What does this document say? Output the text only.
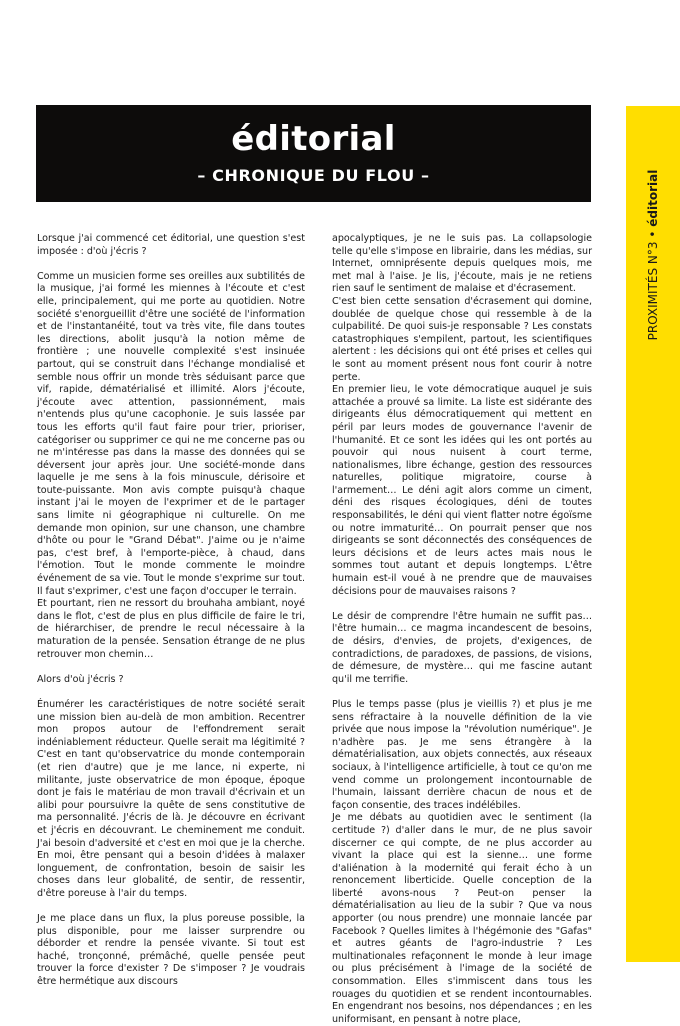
éditorial
– CHRONIQUE DU FLOU –
PROXIMITÉS N°3 • éditorial

Lorsque j'ai commencé cet éditorial, une question s'est imposée : d'où j'écris ?

Comme un musicien forme ses oreilles aux subtilités de la musique, j'ai formé les miennes à l'écoute et c'est elle, principalement, qui me porte au quotidien. Notre société s'enorgueillit d'être une société de l'information et de l'instantanéité, tout va très vite, file dans toutes les directions, abolit jusqu'à la notion même de frontière ; une nouvelle complexité s'est insinuée partout, qui se construit dans l'échange mondialisé et semble nous offrir un monde très séduisant parce que vif, rapide, dématérialisé et illimité. Alors j'écoute, j'écoute avec attention, passionnément, mais n'entends plus qu'une cacophonie. Je suis lassée par tous les efforts qu'il faut faire pour trier, prioriser, catégoriser ou supprimer ce qui ne me concerne pas ou ne m'intéresse pas dans la masse des données qui se déversent jour après jour. Une société-monde dans laquelle je me sens à la fois minuscule, dérisoire et toute-puissante. Mon avis compte puisqu'à chaque instant j'ai le moyen de l'exprimer et de le partager sans limite ni géographique ni culturelle. On me demande mon opinion, sur une chanson, une chambre d'hôte ou pour le "Grand Débat". J'aime ou je n'aime pas, c'est bref, à l'emporte-pièce, à chaud, dans l'émotion. Tout le monde commente le moindre événement de sa vie. Tout le monde s'exprime sur tout. Il faut s'exprimer, c'est une façon d'occuper le terrain.

Et pourtant, rien ne ressort du brouhaha ambiant, noyé dans le flot, c'est de plus en plus difficile de faire le tri, de hiérarchiser, de prendre le recul nécessaire à la maturation de la pensée. Sensation étrange de ne plus retrouver mon chemin…

Alors d'où j'écris ?

Énumérer les caractéristiques de notre société serait une mission bien au-delà de mon ambition. Recentrer mon propos autour de l'effondrement serait indéniablement réducteur. Quelle serait ma légitimité ? C'est en tant qu'observatrice du monde contemporain (et rien d'autre) que je me lance, ni experte, ni militante, juste observatrice de mon époque, époque dont je fais le matériau de mon travail d'écrivain et un alibi pour poursuivre la quête de sens constitutive de ma personnalité. J'écris de là. Je découvre en écrivant et j'écris en découvrant. Le cheminement me conduit. J'ai besoin d'adversité et c'est en moi que je la cherche. En moi, être pensant qui a besoin d'idées à malaxer longuement, de confrontation, besoin de saisir les choses dans leur globalité, de sentir, de ressentir, d'être poreuse à l'air du temps.

Je me place dans un flux, la plus poreuse possible, la plus disponible, pour me laisser surprendre ou déborder et rendre la pensée vivante. Si tout est haché, tronçonné, prémâché, quelle pensée peut trouver la force d'exister ? De s'imposer ? Je voudrais être hermétique aux discours

apocalyptiques, je ne le suis pas. La collapsologie telle qu'elle s'impose en librairie, dans les médias, sur Internet, omniprésente depuis quelques mois, me met mal à l'aise. Je lis, j'écoute, mais je ne retiens rien sauf le sentiment de malaise et d'écrasement.

C'est bien cette sensation d'écrasement qui domine, doublée de quelque chose qui ressemble à de la culpabilité. De quoi suis-je responsable ? Les constats catastrophiques s'empilent, partout, les scientifiques alertent : les décisions qui ont été prises et celles qui le sont au moment présent nous font courir à notre perte.

En premier lieu, le vote démocratique auquel je suis attachée a prouvé sa limite. La liste est sidérante des dirigeants élus démocratiquement qui mettent en péril par leurs modes de gouvernance l'avenir de l'humanité. Et ce sont les idées qui les ont portés au pouvoir qui nous nuisent à court terme, nationalismes, libre échange, gestion des ressources naturelles, politique migratoire, course à l'armement… Le déni agit alors comme un ciment, déni des risques écologiques, déni de toutes responsabilités, le déni qui vient flatter notre égoïsme ou notre immaturité… On pourrait penser que nos dirigeants se sont déconnectés des conséquences de leurs décisions et de leurs actes mais nous le sommes tout autant et depuis longtemps. L'être humain est-il voué à ne prendre que de mauvaises décisions pour de mauvaises raisons ?

Le désir de comprendre l'être humain ne suffit pas… l'être humain… ce magma incandescent de besoins, de désirs, d'envies, de projets, d'exigences, de contradictions, de paradoxes, de passions, de visions, de démesure, de mystère… qui me fascine autant qu'il me terrifie.

Plus le temps passe (plus je vieillis ?) et plus je me sens réfractaire à la nouvelle définition de la vie privée que nous impose la "révolution numérique". Je n'adhère pas. Je me sens étrangère à la dématérialisation, aux objets connectés, aux réseaux sociaux, à l'intelligence artificielle, à tout ce qu'on me vend comme un prolongement incontournable de l'humain, laissant derrière chacun de nous et de façon consentie, des traces indélébiles.

Je me débats au quotidien avec le sentiment (la certitude ?) d'aller dans le mur, de ne plus savoir discerner ce qui compte, de ne plus accorder au vivant la place qui est la sienne… une forme d'aliénation à la modernité qui ferait écho à un renoncement liberticide. Quelle conception de la liberté avons-nous ? Peut-on penser la dématérialisation au lieu de la subir ? Que va nous apporter (ou nous prendre) une monnaie lancée par Facebook ? Quelles limites à l'hégémonie des "Gafas" et autres géants de l'agro-industrie ? Les multinationales refaçonnent le monde à leur image ou plus précisément à l'image de la société de consommation. Elles s'immiscent dans tous les rouages du quotidien et se rendent incontournables. En engendrant nos besoins, nos dépendances ; en les uniformisant, en pensant à notre place,
